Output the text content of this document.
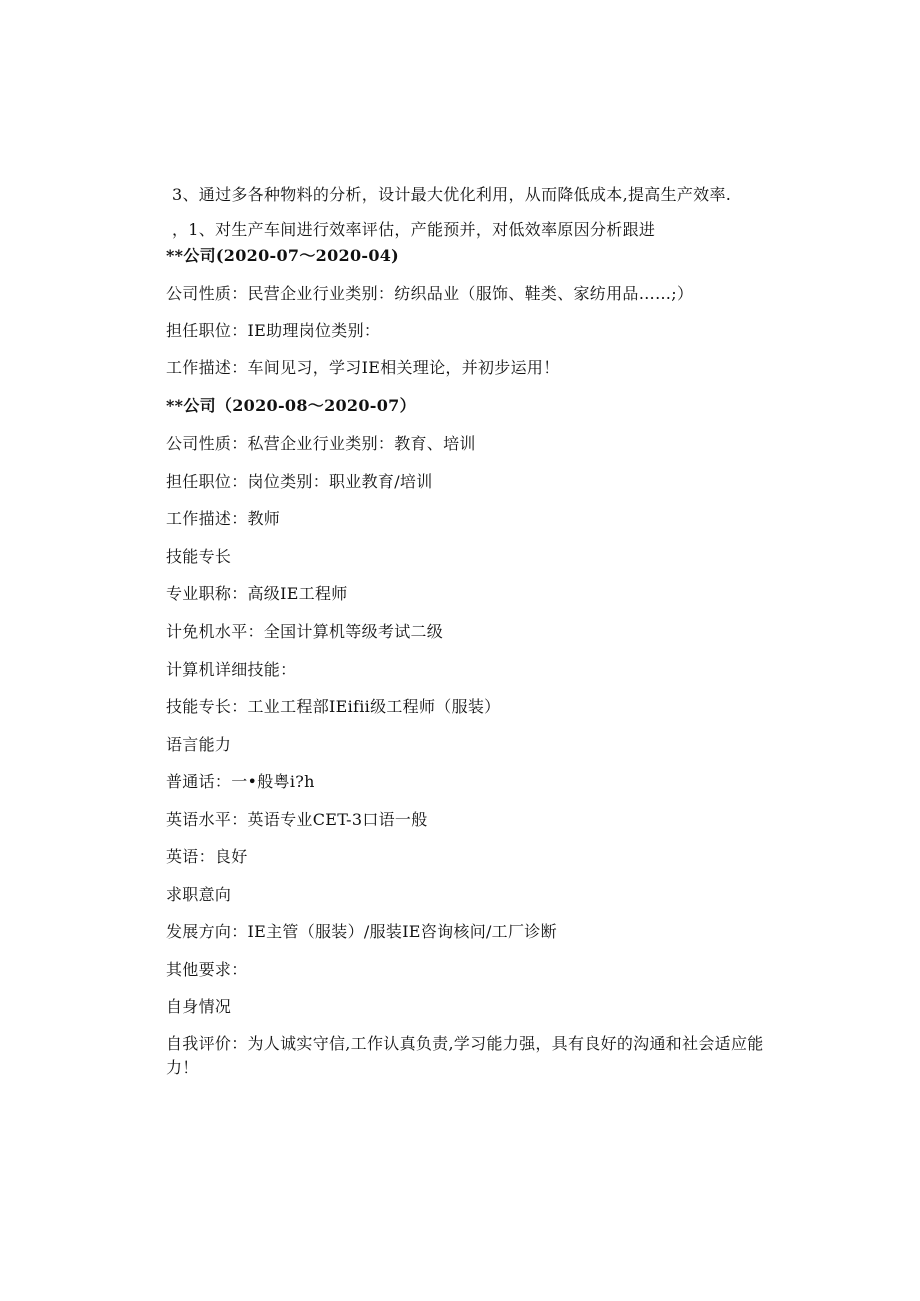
3、通过多各种物料的分析，设计最大优化利用，从而降低成本,提高生产效率.
，1、对生产车间进行效率评估，产能预并，对低效率原因分析跟进
**公司(2020-07～2020-04)
公司性质：民营企业行业类别：纺织品业（服饰、鞋类、家纺用品……;）
担任职位：IE助理岗位类别：
工作描述：车间见习，学习IE相关理论，并初步运用！
**公司（2020-08～2020-07）
公司性质：私营企业行业类别：教育、培训
担任职位：岗位类别：职业教育/培训
工作描述：教师
技能专长
专业职称：高级IE工程师
计免机水平：全国计算机等级考试二级
计算机详细技能：
技能专长：工业工程部IEifii级工程师（服装）
语言能力
普通话：一•般粤i?h
英语水平：英语专业CET-3口语一般
英语：良好
求职意向
发展方向：IE主管（服装）/服装IE咨询核问/工厂诊断
其他要求：
自身情况
自我评价：为人诚实守信,工作认真负责,学习能力强，具有良好的沟通和社会适应能力！
